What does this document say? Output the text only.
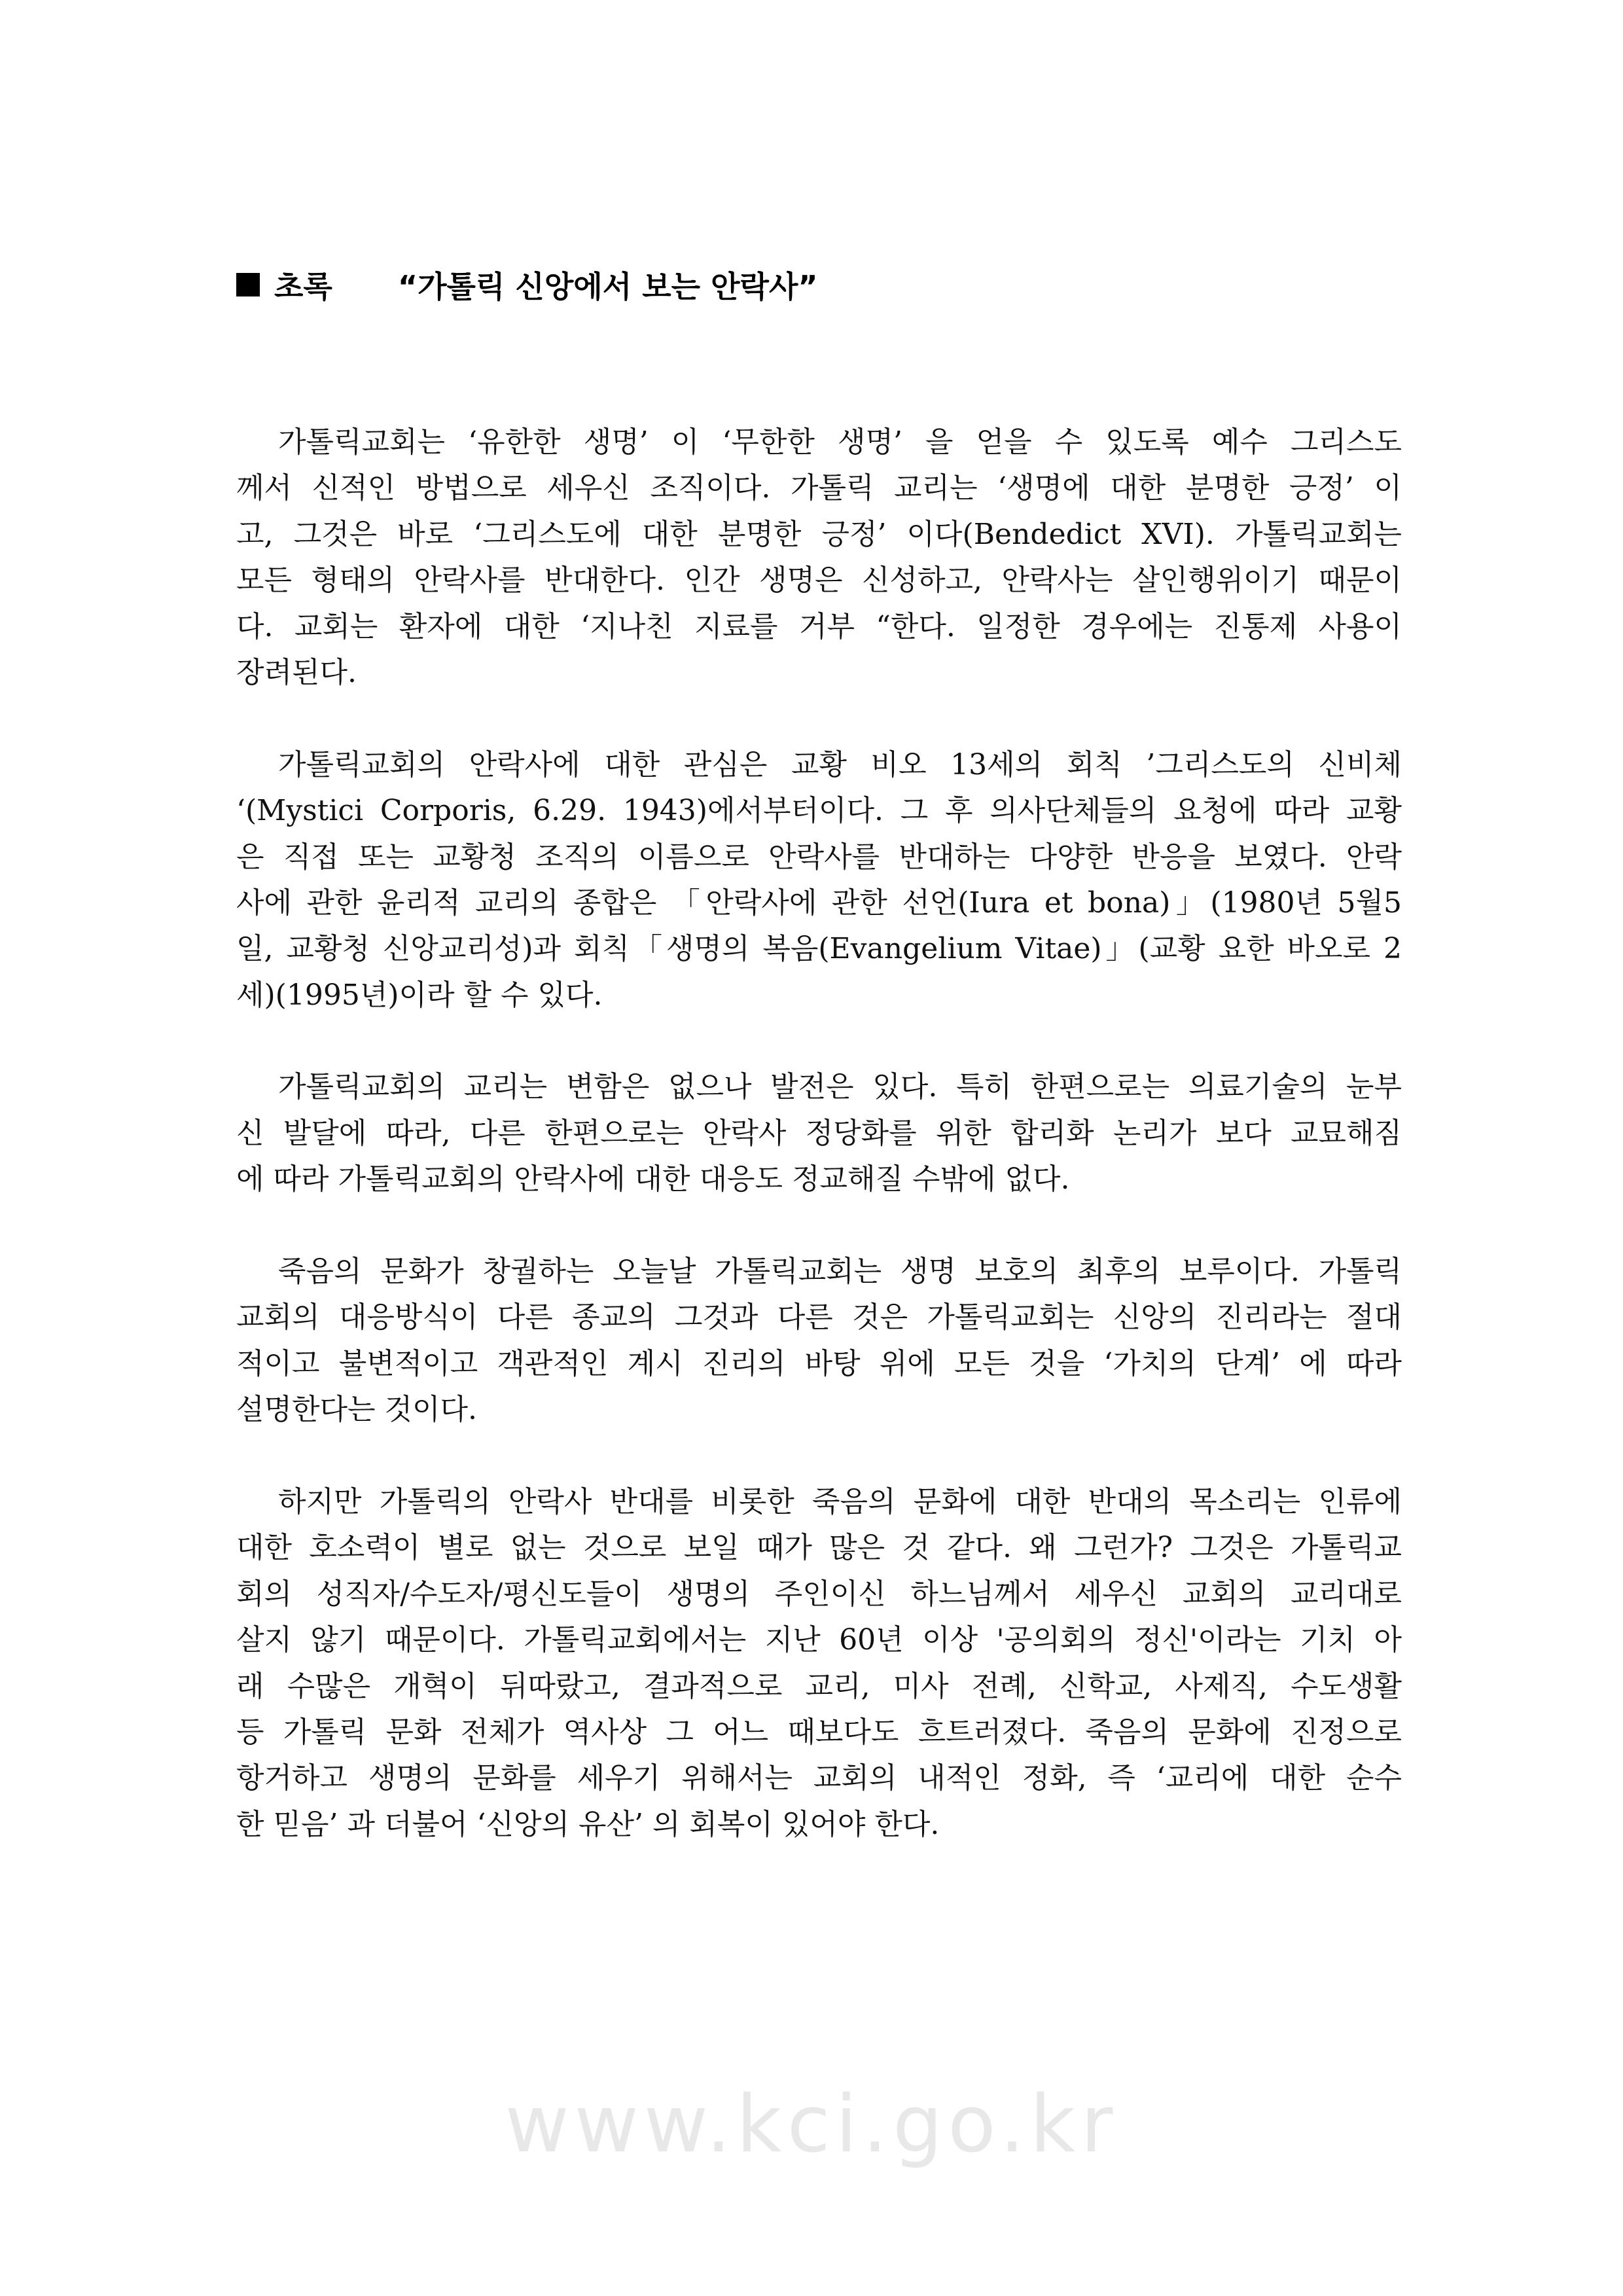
초록 “가톨릭 신앙에서 보는 안락사”
가톨릭교회는 ‘유한한 생명’ 이 ‘무한한 생명’ 을 얻을 수 있도록 예수 그리스도
께서 신적인 방법으로 세우신 조직이다. 가톨릭 교리는 ‘생명에 대한 분명한 긍정’ 이
고, 그것은 바로 ‘그리스도에 대한 분명한 긍정’ 이다(Bendedict XVI). 가톨릭교회는
모든 형태의 안락사를 반대한다. 인간 생명은 신성하고, 안락사는 살인행위이기 때문이
다. 교회는 환자에 대한 ‘지나친 지료를 거부 “한다. 일정한 경우에는 진통제 사용이
장려된다.
가톨릭교회의 안락사에 대한 관심은 교황 비오 13세의 회칙 ’그리스도의 신비체
‘(Mystici Corporis, 6.29. 1943)에서부터이다. 그 후 의사단체들의 요청에 따라 교황
은 직접 또는 교황청 조직의 이름으로 안락사를 반대하는 다양한 반응을 보였다. 안락
사에 관한 윤리적 교리의 종합은 「안락사에 관한 선언(Iura et bona)」(1980년 5월5
일, 교황청 신앙교리성)과 회칙「생명의 복음(Evangelium Vitae)」(교황 요한 바오로 2
세)(1995년)이라 할 수 있다.
가톨릭교회의 교리는 변함은 없으나 발전은 있다. 특히 한편으로는 의료기술의 눈부
신 발달에 따라, 다른 한편으로는 안락사 정당화를 위한 합리화 논리가 보다 교묘해짐
에 따라 가톨릭교회의 안락사에 대한 대응도 정교해질 수밖에 없다.
죽음의 문화가 창궐하는 오늘날 가톨릭교회는 생명 보호의 최후의 보루이다. 가톨릭
교회의 대응방식이 다른 종교의 그것과 다른 것은 가톨릭교회는 신앙의 진리라는 절대
적이고 불변적이고 객관적인 계시 진리의 바탕 위에 모든 것을 ‘가치의 단계’ 에 따라
설명한다는 것이다.
하지만 가톨릭의 안락사 반대를 비롯한 죽음의 문화에 대한 반대의 목소리는 인류에
대한 호소력이 별로 없는 것으로 보일 때가 많은 것 같다. 왜 그런가? 그것은 가톨릭교
회의 성직자/수도자/평신도들이 생명의 주인이신 하느님께서 세우신 교회의 교리대로
살지 않기 때문이다. 가톨릭교회에서는 지난 60년 이상 '공의회의 정신'이라는 기치 아
래 수많은 개혁이 뒤따랐고, 결과적으로 교리, 미사 전례, 신학교, 사제직, 수도생활
등 가톨릭 문화 전체가 역사상 그 어느 때보다도 흐트러졌다. 죽음의 문화에 진정으로
항거하고 생명의 문화를 세우기 위해서는 교회의 내적인 정화, 즉 ‘교리에 대한 순수
한 믿음’ 과 더불어 ‘신앙의 유산’ 의 회복이 있어야 한다.
www.kci.go.kr
